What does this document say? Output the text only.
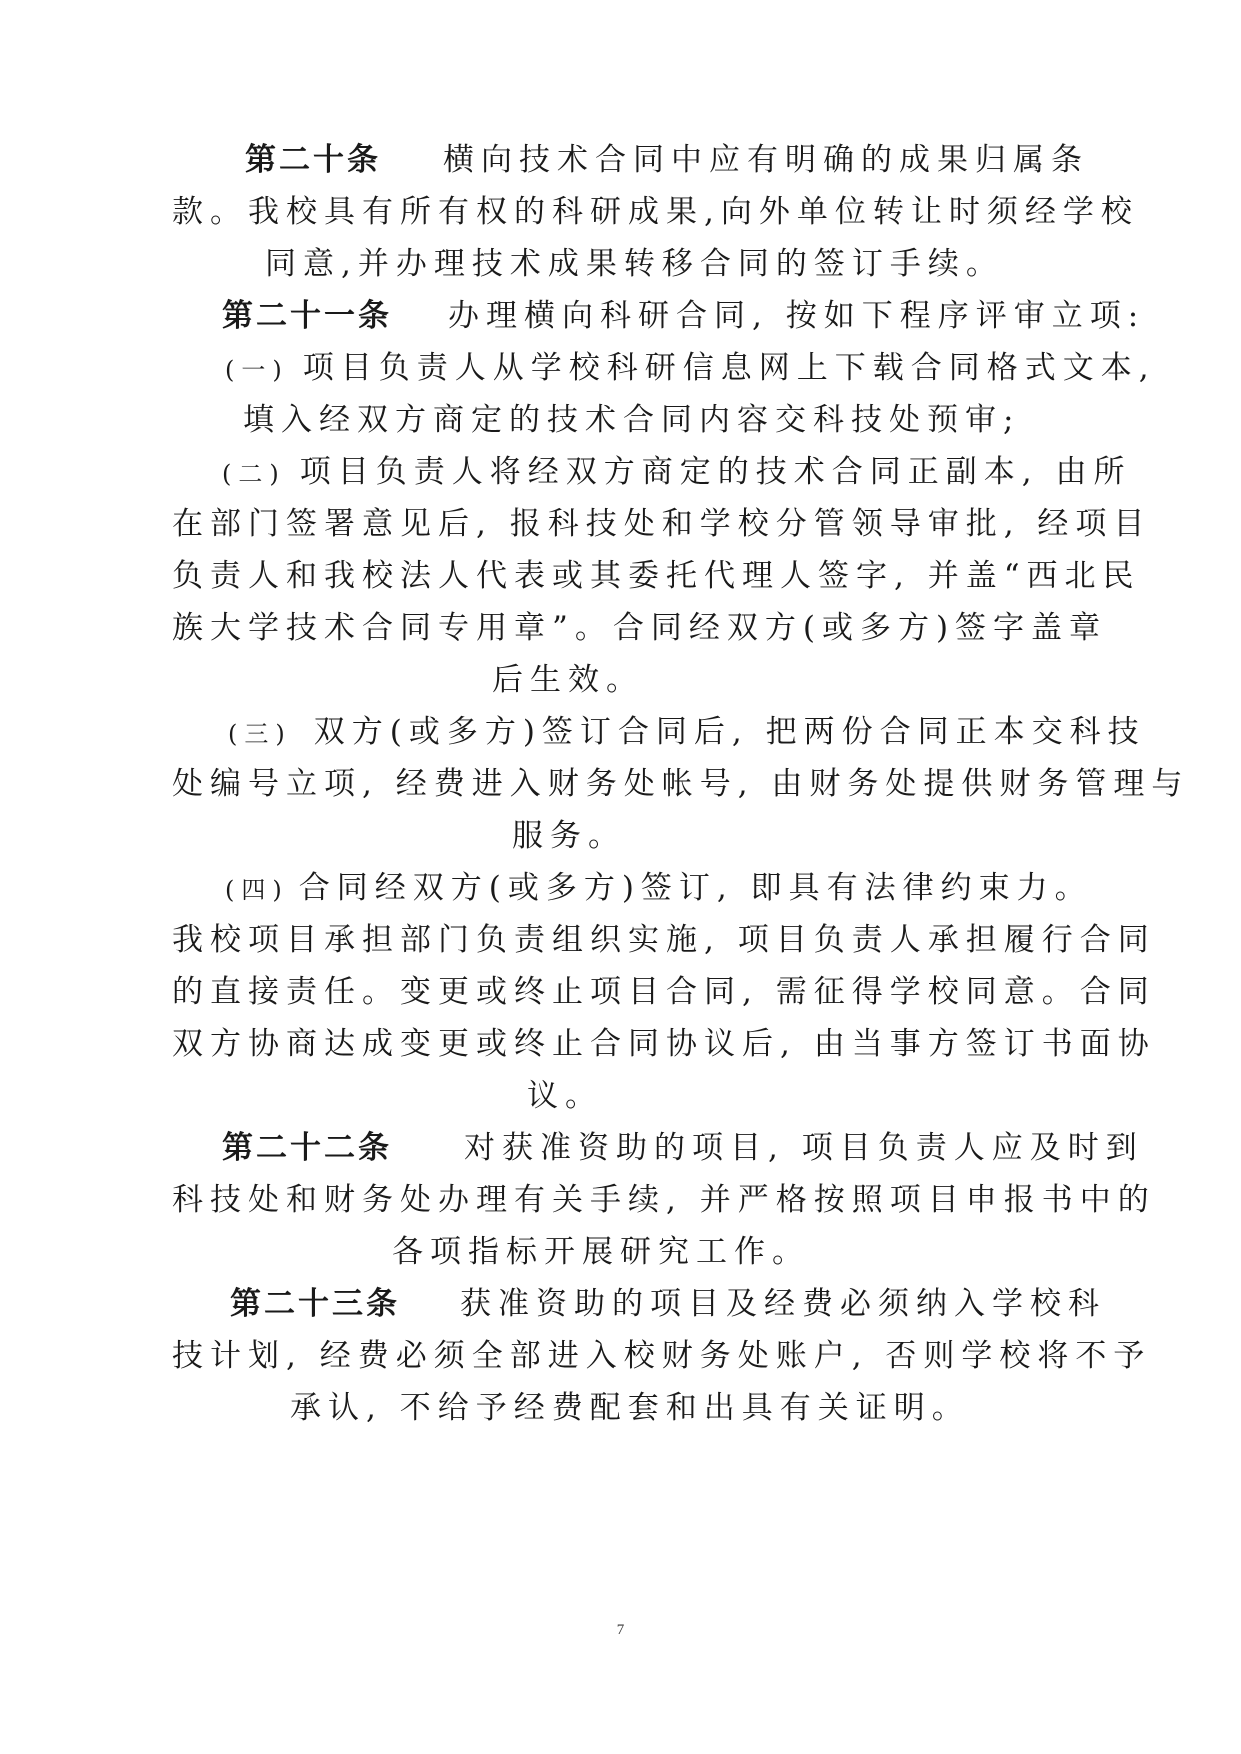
第二十条 横向技术合同中应有明确的成果归属条
款。我校具有所有权的科研成果,向外单位转让时须经学校
同意,并办理技术成果转移合同的签订手续。
第二十一条 办理横向科研合同, 按如下程序评审立项:
(一) 项目负责人从学校科研信息网上下载合同格式文本,
填入经双方商定的技术合同内容交科技处预审;
(二) 项目负责人将经双方商定的技术合同正副本, 由所
在部门签署意见后, 报科技处和学校分管领导审批, 经项目
负责人和我校法人代表或其委托代理人签字, 并盖“西北民
族大学技术合同专用章”。合同经双方(或多方)签字盖章
后生效。
(三) 双方(或多方)签订合同后, 把两份合同正本交科技
处编号立项, 经费进入财务处帐号, 由财务处提供财务管理与
服务。
(四) 合同经双方(或多方)签订, 即具有法律约束力。
我校项目承担部门负责组织实施, 项目负责人承担履行合同
的直接责任。变更或终止项目合同, 需征得学校同意。合同
双方协商达成变更或终止合同协议后, 由当事方签订书面协
议。
第二十二条 对获准资助的项目, 项目负责人应及时到
科技处和财务处办理有关手续, 并严格按照项目申报书中的
各项指标开展研究工作。
第二十三条 获准资助的项目及经费必须纳入学校科
技计划, 经费必须全部进入校财务处账户, 否则学校将不予
承认, 不给予经费配套和出具有关证明。
7
